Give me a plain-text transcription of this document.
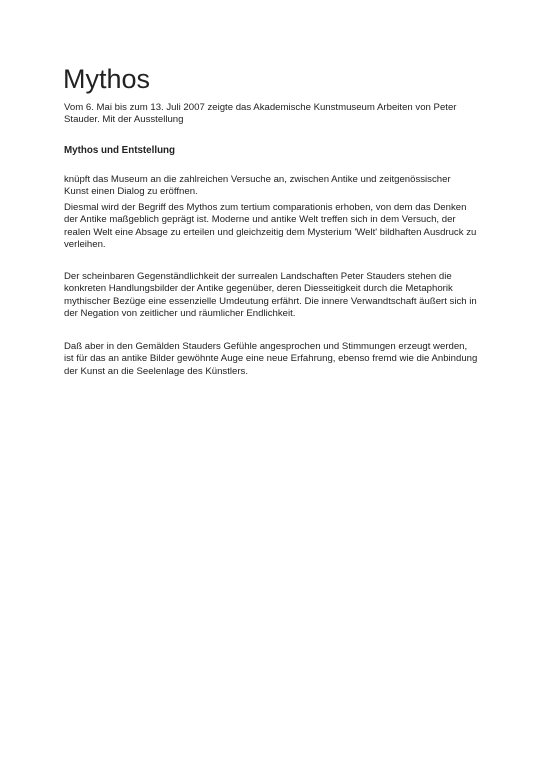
Mythos

Vom 6. Mai bis zum 13. Juli 2007 zeigte das Akademische Kunstmuseum Arbeiten von Peter
Stauder. Mit der Ausstellung

Mythos und Entstellung

knüpft das Museum an die zahlreichen Versuche an, zwischen Antike und zeitgenössischer
Kunst einen Dialog zu eröffnen.

Diesmal wird der Begriff des Mythos zum tertium comparationis erhoben, von dem das Denken
der Antike maßgeblich geprägt ist. Moderne und antike Welt treffen sich in dem Versuch, der
realen Welt eine Absage zu erteilen und gleichzeitig dem Mysterium 'Welt' bildhaften Ausdruck zu
verleihen.

Der scheinbaren Gegenständlichkeit der surrealen Landschaften Peter Stauders stehen die
konkreten Handlungsbilder der Antike gegenüber, deren Diesseitigkeit durch die Metaphorik
mythischer Bezüge eine essenzielle Umdeutung erfährt. Die innere Verwandtschaft äußert sich in
der Negation von zeitlicher und räumlicher Endlichkeit.

Daß aber in den Gemälden Stauders Gefühle angesprochen und Stimmungen erzeugt werden,
ist für das an antike Bilder gewöhnte Auge eine neue Erfahrung, ebenso fremd wie die Anbindung
der Kunst an die Seelenlage des Künstlers.
